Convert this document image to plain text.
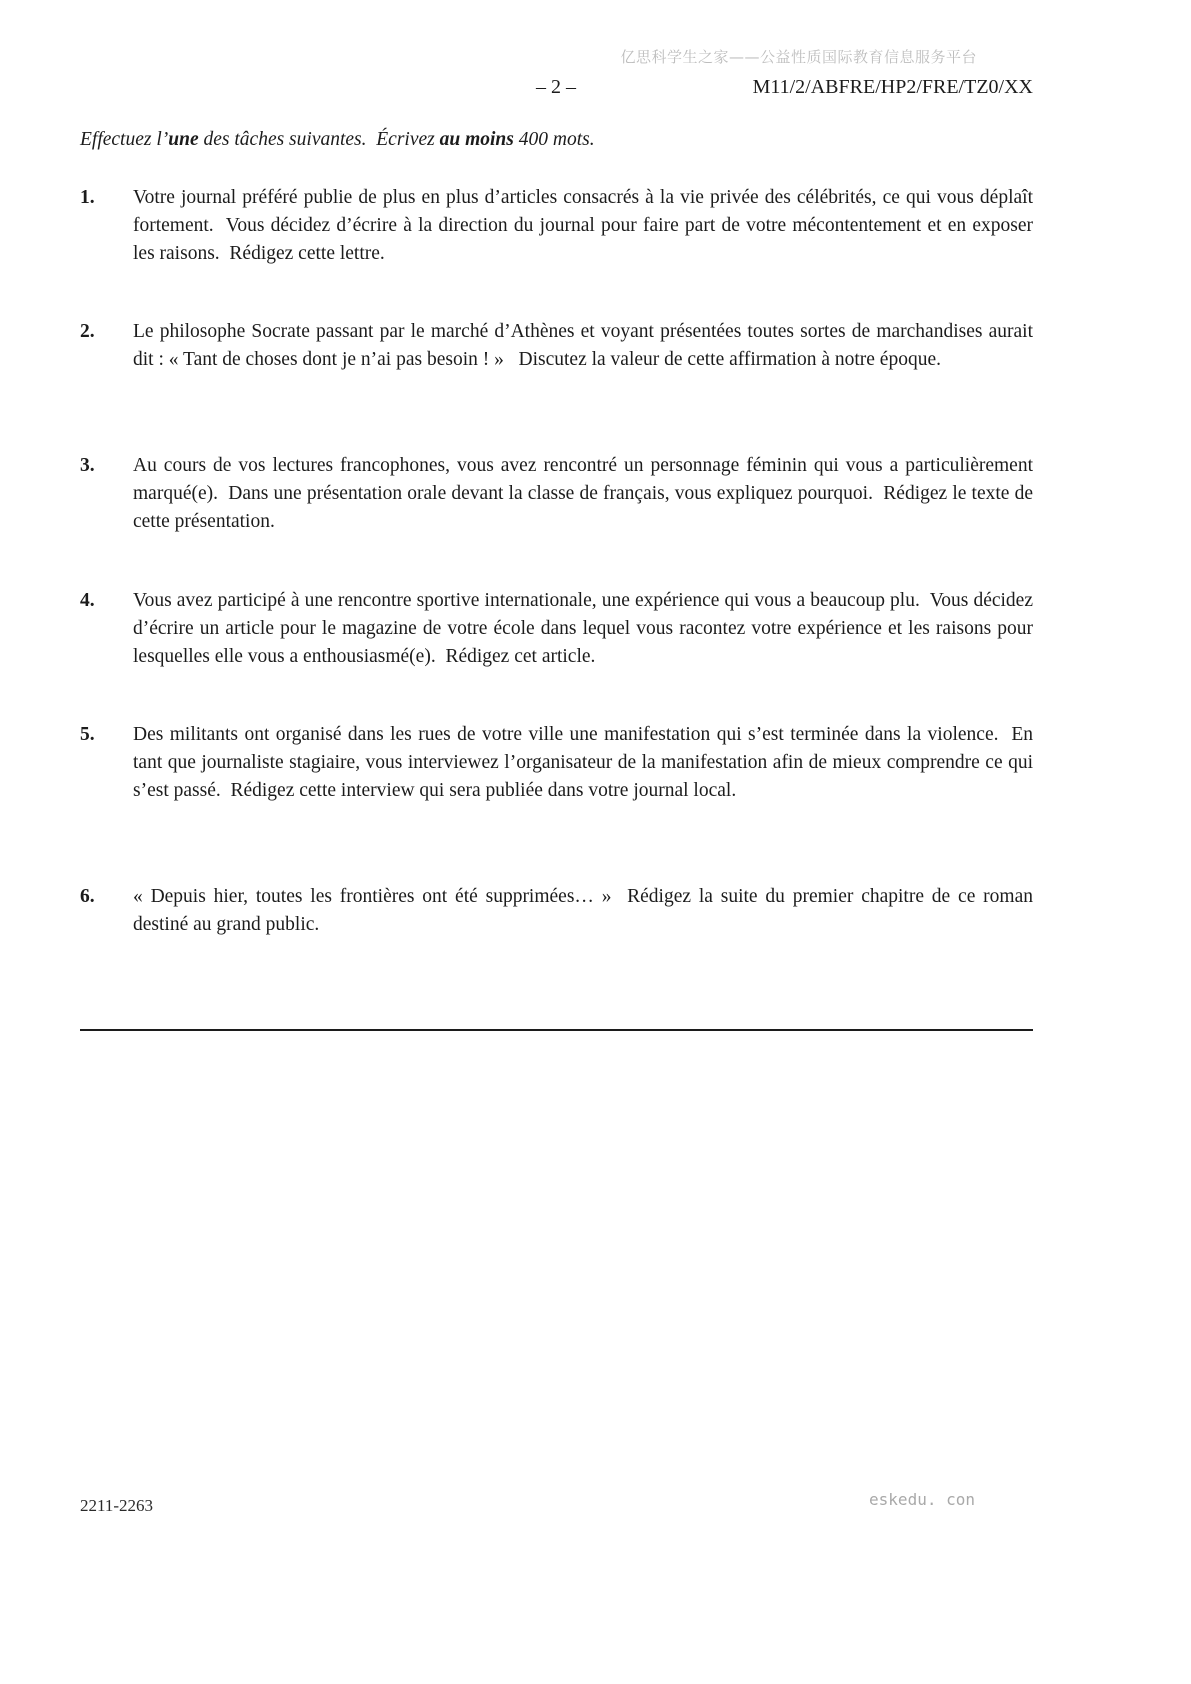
亿思科学生之家——公益性质国际教育信息服务平台
– 2 –	M11/2/ABFRE/HP2/FRE/TZ0/XX
Effectuez l’une des tâches suivantes.  Écrivez au moins 400 mots.
1.	Votre journal préféré publie de plus en plus d’articles consacrés à la vie privée des célébrités, ce qui vous déplaît fortement.  Vous décidez d’écrire à la direction du journal pour faire part de votre mécontentement et en exposer les raisons.  Rédigez cette lettre.
2.	Le philosophe Socrate passant par le marché d’Athènes et voyant présentées toutes sortes de marchandises aurait dit : « Tant de choses dont je n’ai pas besoin ! »   Discutez la valeur de cette affirmation à notre époque.
3.	Au cours de vos lectures francophones, vous avez rencontré un personnage féminin qui vous a particulièrement marqué(e).  Dans une présentation orale devant la classe de français, vous expliquez pourquoi.  Rédigez le texte de cette présentation.
4.	Vous avez participé à une rencontre sportive internationale, une expérience qui vous a beaucoup plu.  Vous décidez d’écrire un article pour le magazine de votre école dans lequel vous racontez votre expérience et les raisons pour lesquelles elle vous a enthousiasmé(e).  Rédigez cet article.
5.	Des militants ont organisé dans les rues de votre ville une manifestation qui s’est terminée dans la violence.  En tant que journaliste stagiaire, vous interviewez l’organisateur de la manifestation afin de mieux comprendre ce qui s’est passé.  Rédigez cette interview qui sera publiée dans votre journal local.
6.	« Depuis hier, toutes les frontières ont été supprimées… »  Rédigez la suite du premier chapitre de ce roman destiné au grand public.
2211-2263	eskedu. con
